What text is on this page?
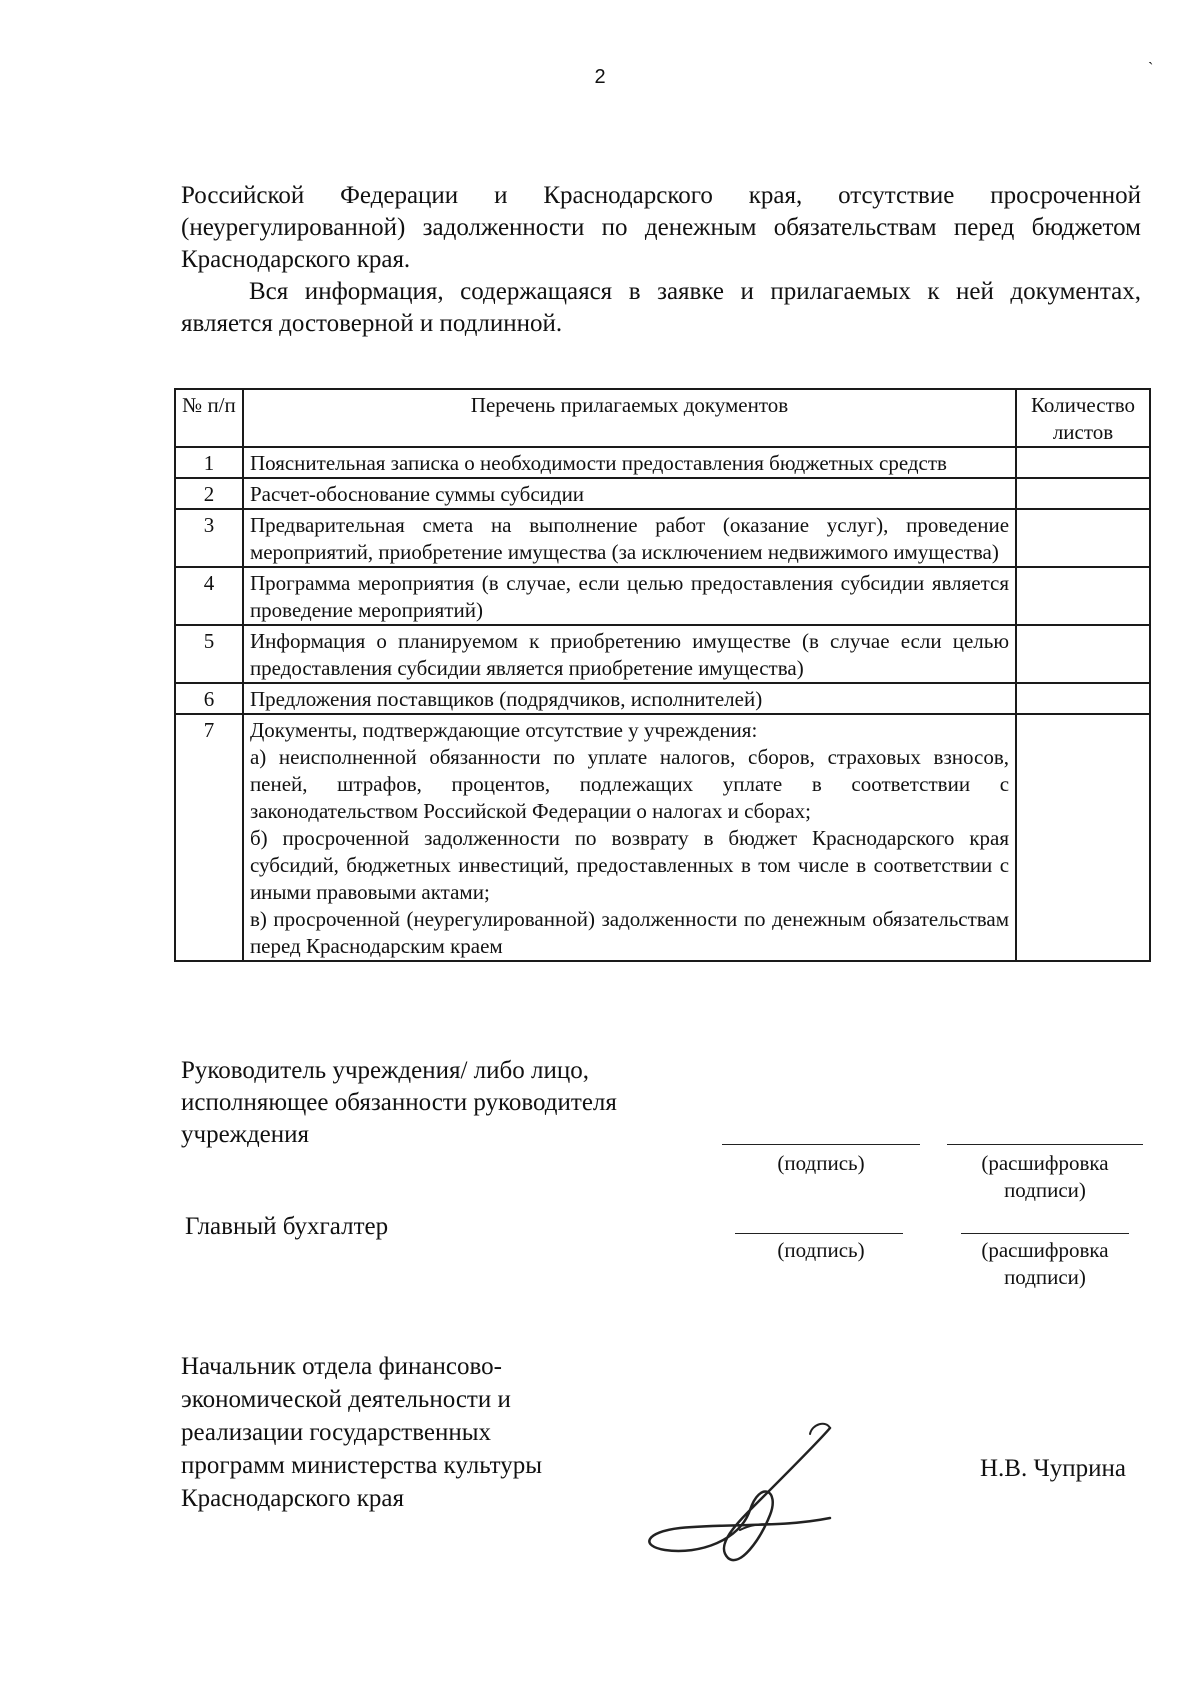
`
2

Российской Федерации и Краснодарского края, отсутствие просроченной (неурегулированной) задолженности по денежным обязательствам перед бюджетом Краснодарского края.

Вся информация, содержащаяся в заявке и прилагаемых к ней документах, является достоверной и подлинной.

№ п/п	Перечень прилагаемых документов	Количество листов
1	Пояснительная записка о необходимости предоставления бюджетных средств	
2	Расчет-обоснование суммы субсидии	
3	Предварительная смета на выполнение работ (оказание услуг), проведение мероприятий, приобретение имущества (за исключением недвижимого имущества)	
4	Программа мероприятия (в случае, если целью предоставления субсидии является проведение мероприятий)	
5	Информация о планируемом к приобретению имуществе (в случае если целью предоставления субсидии является приобретение имущества)	
6	Предложения поставщиков (подрядчиков, исполнителей)	
7	Документы, подтверждающие отсутствие у учреждения:
а) неисполненной обязанности по уплате налогов, сборов, страховых взносов, пеней, штрафов, процентов, подлежащих уплате в соответствии с законодательством Российской Федерации о налогах и сборах;
б) просроченной задолженности по возврату в бюджет Краснодарского края субсидий, бюджетных инвестиций, предоставленных в том числе в соответствии с иными правовыми актами;
в) просроченной (неурегулированной) задолженности по денежным обязательствам перед Краснодарским краем	

Руководитель учреждения/ либо лицо,
исполняющее обязанности руководителя
учреждения
(подпись)	(расшифровка
подписи)
Главный бухгалтер
(подпись)	(расшифровка
подписи)
Начальник отдела финансово-
экономической деятельности и
реализации государственных
программ министерства культуры
Краснодарского края
Н.В. Чуприна
